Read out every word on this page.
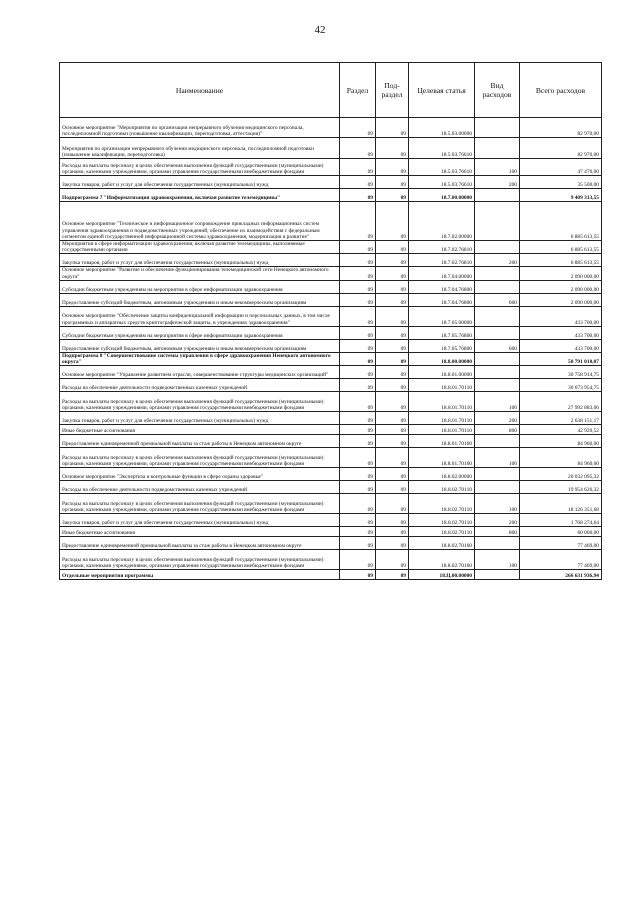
42
Наименование	Раздел	Под-раздел	Целевая статья	Вид расходов	Всего расходов
Основное мероприятие "Мероприятия по организации непрерывного обучения медицинского персонала, последипломной подготовки (повышение квалификации, переподготовка, аттестация)"	09	09	18.5.03.00000		82 970,00
Мероприятия по организации непрерывного обучения медицинского персонала, последипломной подготовки (повышение квалификации, переподготовка)	09	09	18.5.03.76610		82 970,00
Расходы на выплаты персоналу в целях обеспечения выполнения функций государственными (муниципальными) органами, казенными учреждениями, органами управления государственными внебюджетными фондами	09	09	18.5.03.76610	100	47 470,00
Закупка товаров, работ и услуг для обеспечения государственных (муниципальных) нужд	09	09	18.5.03.76610	200	35 500,00
Подпрограмма 7 "Информатизация здравоохранения, включая развитие телемедицины"	09	09	18.7.00.00000		9 409 313,55
Основное мероприятие "Техническое и информационное сопровождение прикладных информационных систем управления здравоохранения и подведомственных учреждений, обеспечение их взаимодействия с федеральным сегментом единой государственной информационной системы здравоохранения, модернизация и развитие"	09	09	18.7.02.00000		6 885 613,55
Мероприятия в сфере информатизации здравоохранения, включая развитие телемедицины, выполняемые государственными органами	09	09	18.7.02.76810		6 885 613,55
Закупка товаров, работ и услуг для обеспечения государственных (муниципальных) нужд	09	09	18.7.02.76810	200	6 885 613,55
Основное мероприятие "Развитие и обеспечение функционирования телемедицинской сети Ненецкого автономного округа"	09	09	18.7.04.00000		2 090 000,00
Субсидии бюджетным учреждениям на мероприятия в сфере информатизации здравоохранения	09	09	18.7.04.76800		2 090 000,00
Предоставление субсидий бюджетным, автономным учреждениям и иным некоммерческим организациям	09	09	18.7.04.76800	600	2 090 000,00
Основное мероприятие "Обеспечение защиты конфиденциальной информации и персональных данных, в том числе программных и аппаратных средств криптографической защиты, в учреждениях здравоохранения"	09	09	18.7.05.00000		433 700,00
Субсидии бюджетным учреждениям на мероприятия в сфере информатизации здравоохранения	09	09	18.7.05.76800		433 700,00
Предоставление субсидий бюджетным, автономным учреждениям и иным некоммерческим организациям	09	09	18.7.05.76800	600	433 700,00
Подпрограмма 8 "Совершенствование системы управления в сфере здравоохранения Ненецкого автономного округа"	09	09	18.8.00.00000		50 791 010,07
Основное мероприятие "Управление развитием отрасли, совершенствование структуры медицинских организаций"	09	09	18.8.01.00000		30 758 914,75
Расходы на обеспечение деятельности подведомственных казенных учреждений	09	09	18.8.01.70110		30 673 954,75
Расходы на выплаты персоналу в целях обеспечения выполнения функций государственными (муниципальными) органами, казенными учреждениями, органами управления государственными внебюджетными фондами	09	09	18.8.01.70110	100	27 992 883,06
Закупка товаров, работ и услуг для обеспечения государственных (муниципальных) нужд	09	09	18.8.01.70110	200	2 638 151,17
Иные бюджетные ассигнования	09	09	18.8.01.70110	800	42 920,52
Предоставление единовременной премиальной выплаты за стаж работы в Ненецком автономном округе	09	09	18.8.01.70160		84 960,00
Расходы на выплаты персоналу в целях обеспечения выполнения функций государственными (муниципальными) органами, казенными учреждениями, органами управления государственными внебюджетными фондами	09	09	18.8.01.70160	100	84 960,00
Основное мероприятие "Экспертиза и контрольные функции в сфере охраны здоровья"	09	09	18.8.02.00000		20 032 095,32
Расходы на обеспечение деятельности подведомственных казенных учреждений	09	09	18.8.02.70110		19 954 626,32
Расходы на выплаты персоналу в целях обеспечения выполнения функций государственными (муниципальными) органами, казенными учреждениями, органами управления государственными внебюджетными фондами	09	09	18.8.02.70110	100	18 126 351,68
Закупка товаров, работ и услуг для обеспечения государственных (муниципальных) нужд	09	09	18.8.02.70110	200	1 768 274,64
Иные бюджетные ассигнования	09	09	18.8.02.70110	800	60 000,00
Предоставление единовременной премиальной выплаты за стаж работы в Ненецком автономном округе	09	09	18.8.02.70160		77 469,00
Расходы на выплаты персоналу в целях обеспечения выполнения функций государственными (муниципальными) органами, казенными учреждениями, органами управления государственными внебюджетными фондами	09	09	18.8.02.70160	100	77 469,00
Отдельные мероприятия программы	09	09	18.Ц.00.00000		266 631 936,94
